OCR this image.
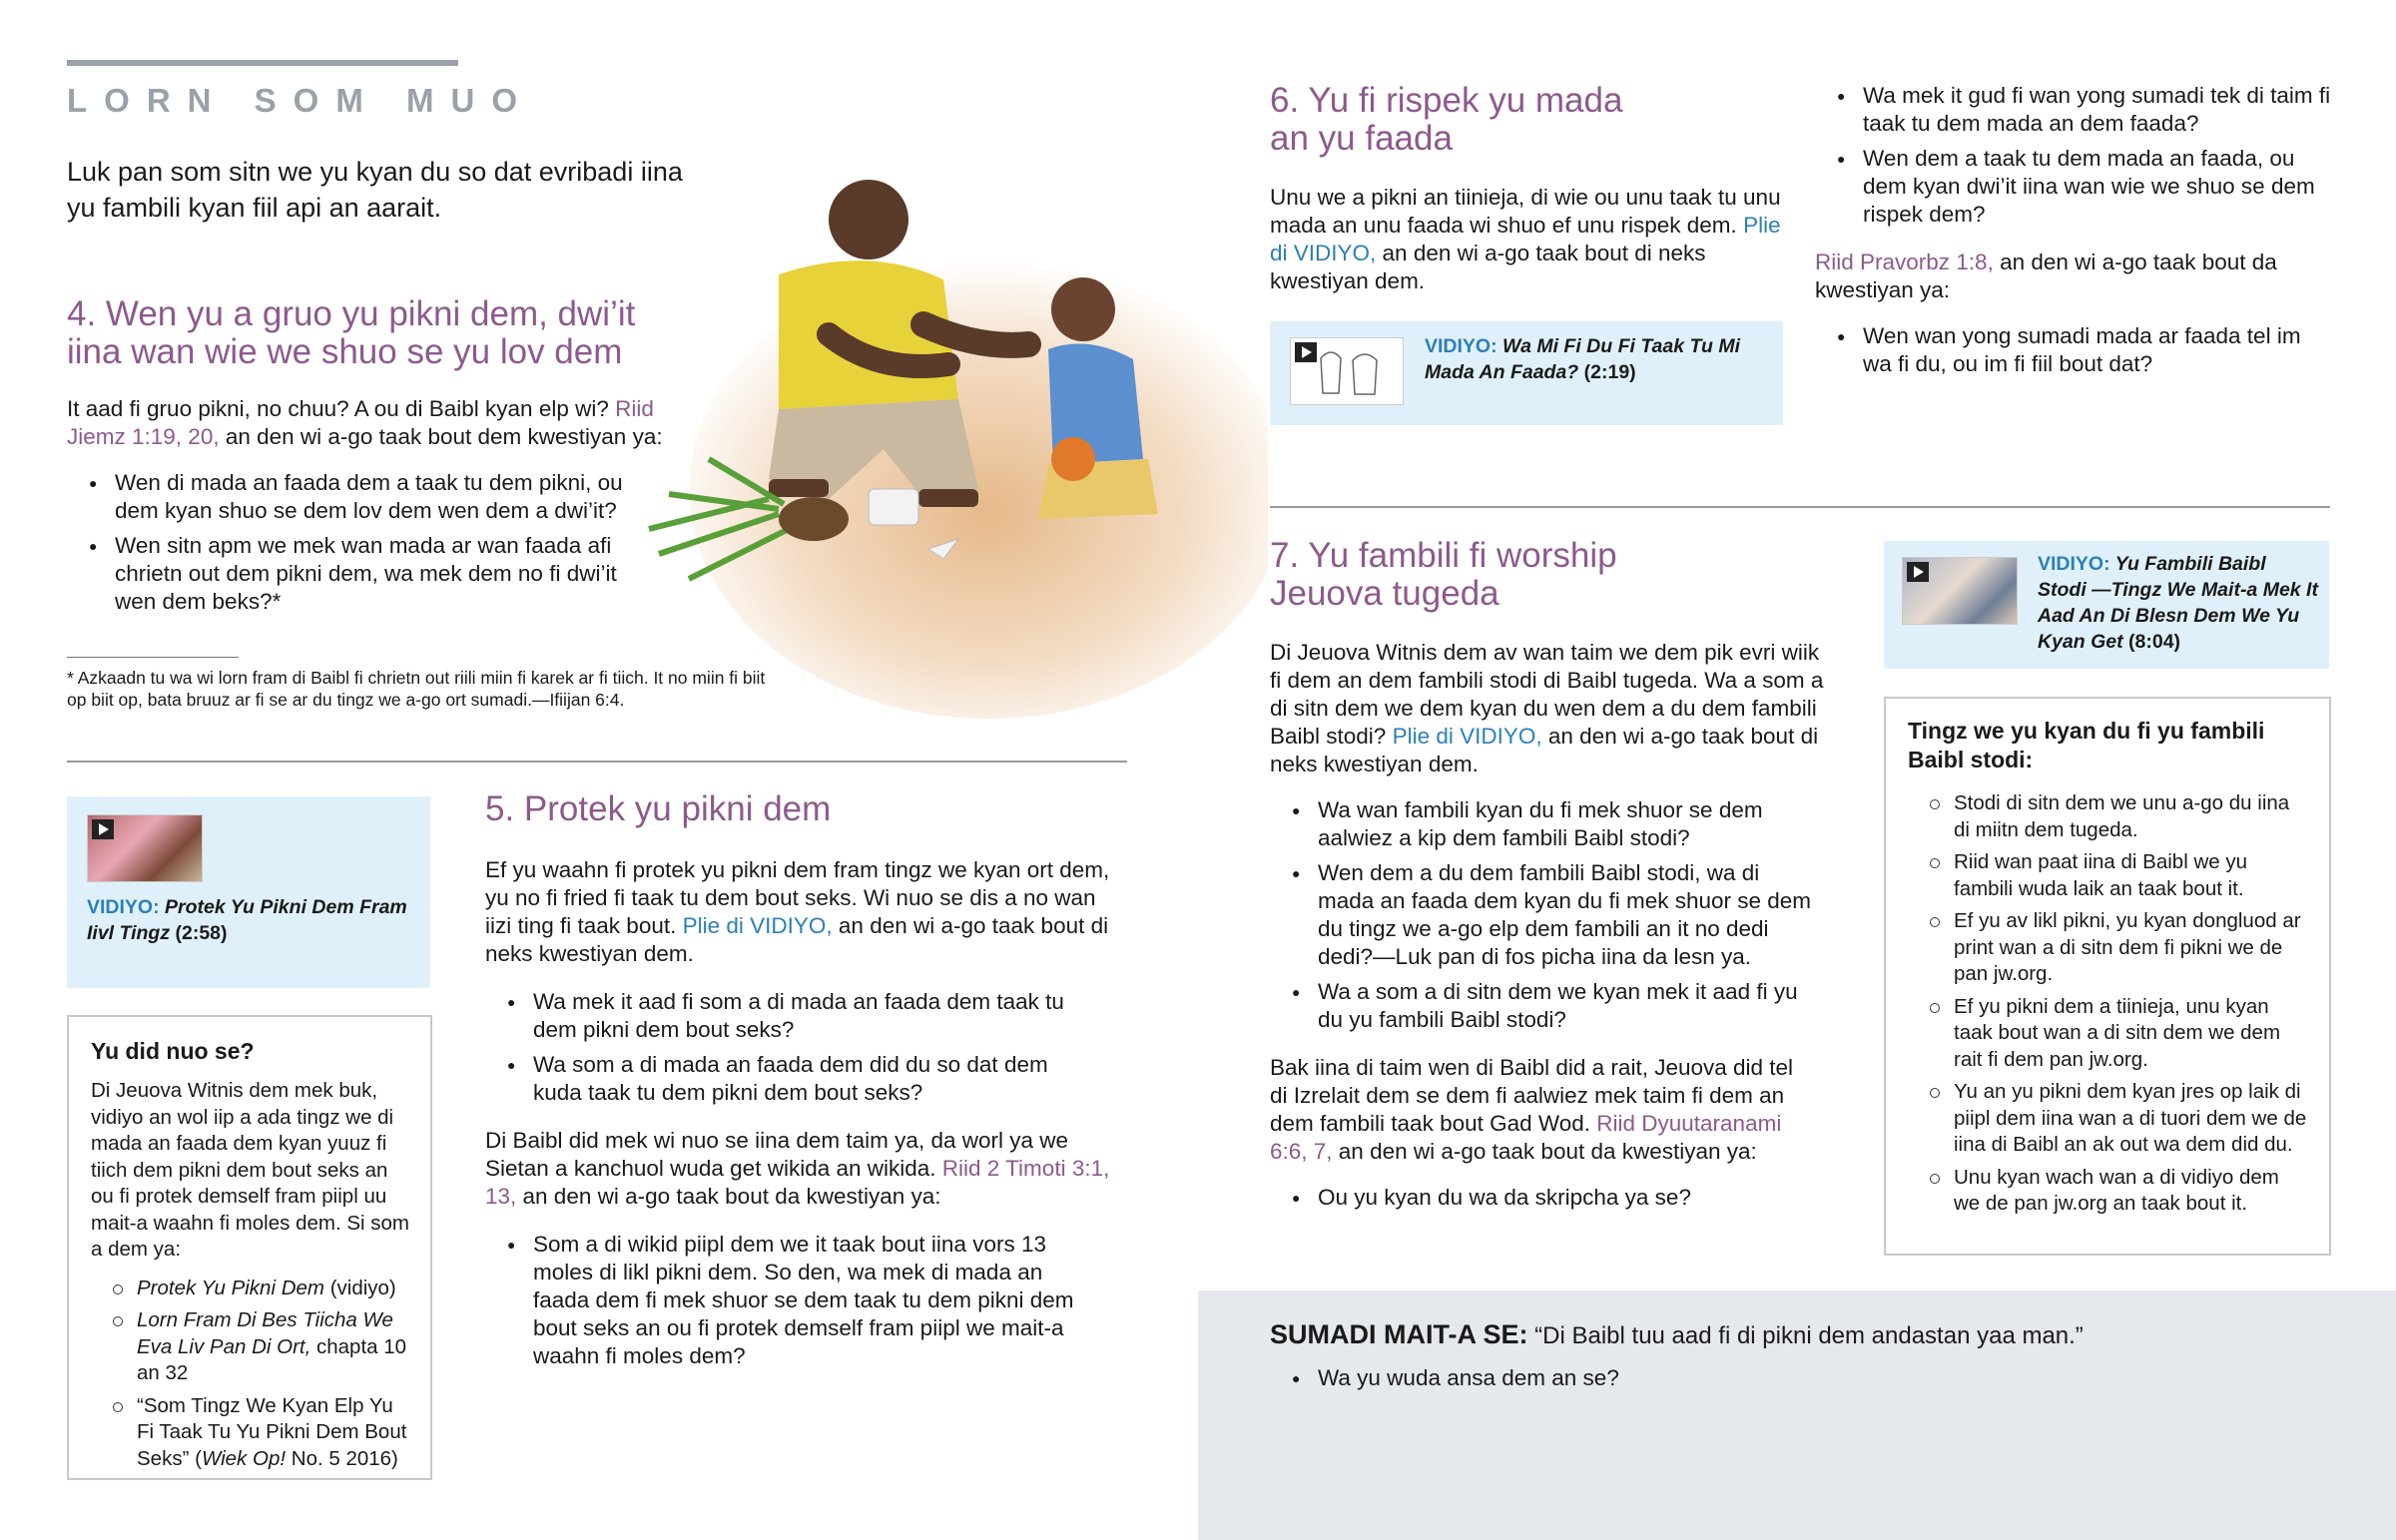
LORN SOM MUO

Luk pan som sitn we yu kyan du so dat evribadi iina yu fambili kyan fiil api an aarait.

4. Wen yu a gruo yu pikni dem, dwi’it
iina wan wie we shuo se yu lov dem

It aad fi gruo pikni, no chuu? A ou di Baibl kyan elp wi? Riid Jiemz 1:19, 20, an den wi a-go taak bout dem kwestiyan ya:

● Wen di mada an faada dem a taak tu dem pikni, ou dem kyan shuo se dem lov dem wen dem a dwi’it?
● Wen sitn apm we mek wan mada ar wan faada afi chrietn out dem pikni dem, wa mek dem no fi dwi’it wen dem beks?*

* Azkaadn tu wa wi lorn fram di Baibl fi chrietn out riili miin fi karek ar fi tiich. It no miin fi biit op biit op, bata bruuz ar fi se ar du tingz we a-go ort sumadi.—Ifiijan 6:4.

VIDIYO: Protek Yu Pikni Dem Fram Iivl Tingz (2:58)
Yu did nuo se?

Di Jeuova Witnis dem mek buk, vidiyo an wol iip a ada tingz we di mada an faada dem kyan yuuz fi tiich dem pikni dem bout seks an ou fi protek demself fram piipl uu mait-a waahn fi moles dem. Si som a dem ya:

Protek Yu Pikni Dem (vidiyo)
Lorn Fram Di Bes Tiicha We Eva Liv Pan Di Ort, chapta 10 an 32
“Som Tingz We Kyan Elp Yu Fi Taak Tu Yu Pikni Dem Bout Seks” (Wiek Op! No. 5 2016)
5. Protek yu pikni dem

Ef yu waahn fi protek yu pikni dem fram tingz we kyan ort dem, yu no fi fried fi taak tu dem bout seks. Wi nuo se dis a no wan iizi ting fi taak bout. Plie di VIDIYO, an den wi a-go taak bout di neks kwestiyan dem.

● Wa mek it aad fi som a di mada an faada dem taak tu dem pikni dem bout seks?
● Wa som a di mada an faada dem did du so dat dem kuda taak tu dem pikni dem bout seks?

Di Baibl did mek wi nuo se iina dem taim ya, da worl ya we Sietan a kanchuol wuda get wikida an wikida. Riid 2 Timoti 3:1, 13, an den wi a-go taak bout da kwestiyan ya:

● Som a di wikid piipl dem we it taak bout iina vors 13 moles di likl pikni dem. So den, wa mek di mada an faada dem fi mek shuor se dem taak tu dem pikni dem bout seks an ou fi protek demself fram piipl we mait-a waahn fi moles dem?
6. Yu fi rispek yu mada
an yu faada

Unu we a pikni an tiinieja, di wie ou unu taak tu unu mada an unu faada wi shuo ef unu rispek dem. Plie di VIDIYO, an den wi a-go taak bout di neks kwestiyan dem.

VIDIYO: Wa Mi Fi Du Fi Taak Tu Mi Mada An Faada? (2:19)
● Wa mek it gud fi wan yong sumadi tek di taim fi taak tu dem mada an dem faada?
● Wen dem a taak tu dem mada an faada, ou dem kyan dwi’it iina wan wie we shuo se dem rispek dem?

Riid Pravorbz 1:8, an den wi a-go taak bout da kwestiyan ya:

● Wen wan yong sumadi mada ar faada tel im wa fi du, ou im fi fiil bout dat?
7. Yu fambili fi worship
Jeuova tugeda

Di Jeuova Witnis dem av wan taim we dem pik evri wiik fi dem an dem fambili stodi di Baibl tugeda. Wa a som a di sitn dem we dem kyan du wen dem a du dem fambili Baibl stodi? Plie di VIDIYO, an den wi a-go taak bout di neks kwestiyan dem.

● Wa wan fambili kyan du fi mek shuor se dem aalwiez a kip dem fambili Baibl stodi?
● Wen dem a du dem fambili Baibl stodi, wa di mada an faada dem kyan du fi mek shuor se dem du tingz we a-go elp dem fambili an it no dedi dedi?—Luk pan di fos picha iina da lesn ya.
● Wa a som a di sitn dem we kyan mek it aad fi yu du yu fambili Baibl stodi?

Bak iina di taim wen di Baibl did a rait, Jeuova did tel di Izrelait dem se dem fi aalwiez mek taim fi dem an dem fambili taak bout Gad Wod. Riid Dyuutaranami 6:6, 7, an den wi a-go taak bout da kwestiyan ya:

● Ou yu kyan du wa da skripcha ya se?
VIDIYO: Yu Fambili Baibl Stodi —Tingz We Mait-a Mek It Aad An Di Blesn Dem We Yu Kyan Get (8:04)
Tingz we yu kyan du fi yu fambili Baibl stodi:
Stodi di sitn dem we unu a-go du iina di miitn dem tugeda.
Riid wan paat iina di Baibl we yu fambili wuda laik an taak bout it.
Ef yu av likl pikni, yu kyan dongluod ar print wan a di sitn dem fi pikni we de pan jw.org.
Ef yu pikni dem a tiinieja, unu kyan taak bout wan a di sitn dem we dem rait fi dem pan jw.org.
Yu an yu pikni dem kyan jres op laik di piipl dem iina wan a di tuori dem we de iina di Baibl an ak out wa dem did du.
Unu kyan wach wan a di vidiyo dem we de pan jw.org an taak bout it.

SUMADI MAIT-A SE: “Di Baibl tuu aad fi di pikni dem andastan yaa man.”

● Wa yu wuda ansa dem an se?
